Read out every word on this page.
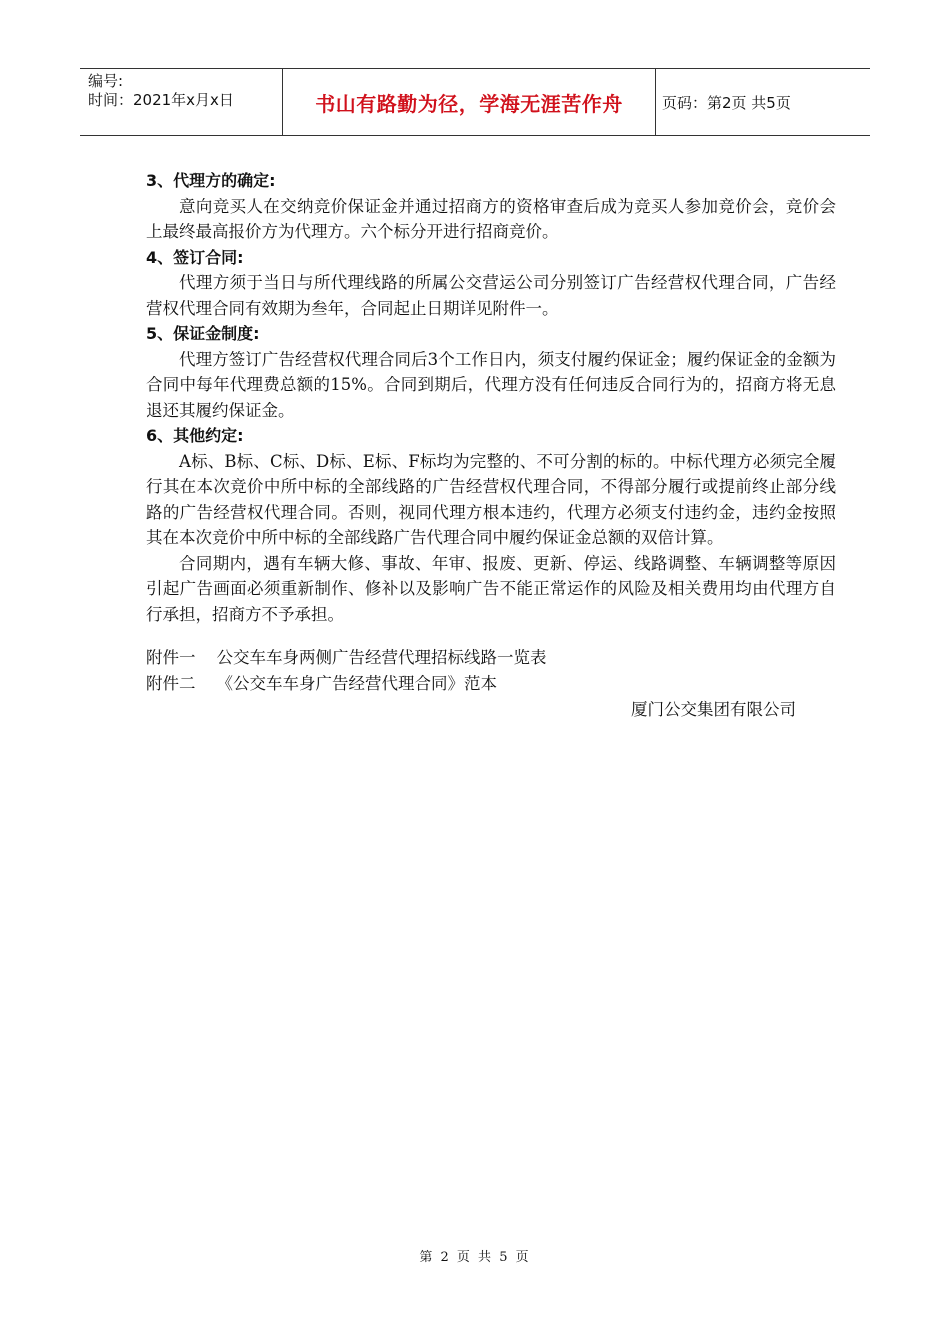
编号:
时间：2021年x月x日	书山有路勤为径，学海无涯苦作舟	页码：第2页 共5页

3、代理方的确定:

意向竞买人在交纳竞价保证金并通过招商方的资格审查后成为竞买人参加竞价会，竞价会上最终最高报价方为代理方。六个标分开进行招商竞价。

4、签订合同:

代理方须于当日与所代理线路的所属公交营运公司分别签订广告经营权代理合同，广告经营权代理合同有效期为叁年，合同起止日期详见附件一。

5、保证金制度:

代理方签订广告经营权代理合同后3个工作日内，须支付履约保证金；履约保证金的金额为合同中每年代理费总额的15%。合同到期后，代理方没有任何违反合同行为的，招商方将无息退还其履约保证金。

6、其他约定:

A标、B标、C标、D标、E标、F标均为完整的、不可分割的标的。中标代理方必须完全履行其在本次竞价中所中标的全部线路的广告经营权代理合同，不得部分履行或提前终止部分线路的广告经营权代理合同。否则，视同代理方根本违约，代理方必须支付违约金，违约金按照其在本次竞价中所中标的全部线路广告代理合同中履约保证金总额的双倍计算。

合同期内，遇有车辆大修、事故、年审、报废、更新、停运、线路调整、车辆调整等原因引起广告画面必须重新制作、修补以及影响广告不能正常运作的风险及相关费用均由代理方自行承担，招商方不予承担。

附件一    公交车车身两侧广告经营代理招标线路一览表

附件二    《公交车车身广告经营代理合同》范本

厦门公交集团有限公司

第 2 页 共 5 页
